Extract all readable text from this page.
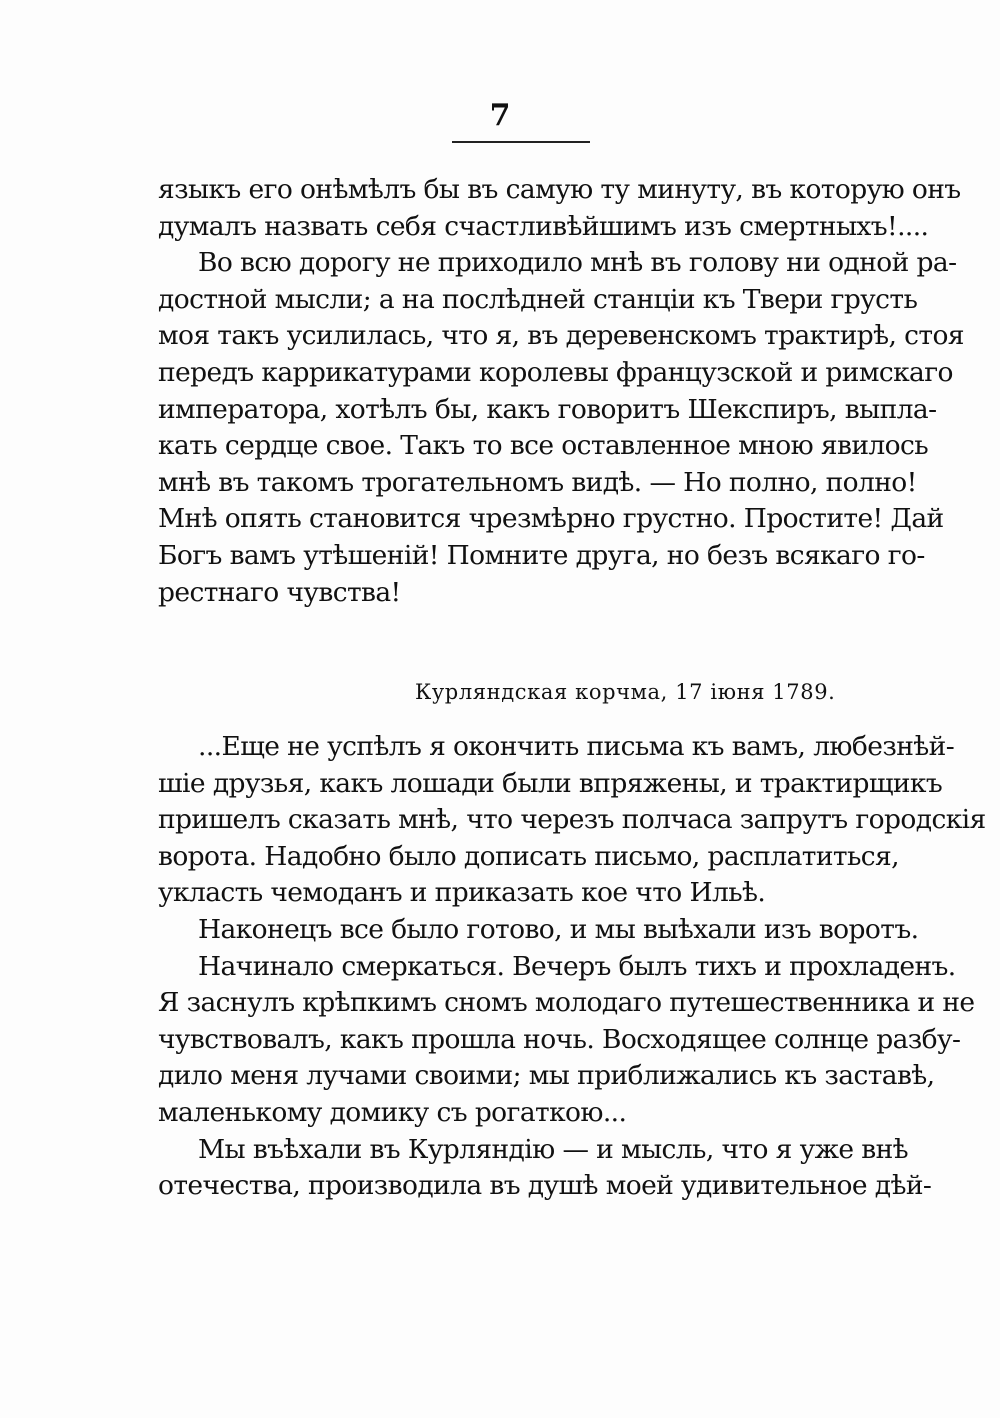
7
языкъ его онѣмѣлъ бы въ самую ту минуту, въ которую онъ
думалъ назвать себя счастливѣйшимъ изъ смертныхъ!....
Во всю дорогу не приходило мнѣ въ голову ни одной ра-
достной мысли; а на послѣдней станціи къ Твери грусть
моя такъ усилилась, что я, въ деревенскомъ трактирѣ, стоя
передъ каррикатурами королевы французской и римскаго
императора, хотѣлъ бы, какъ говоритъ Шекспиръ, выпла-
кать сердце свое. Такъ то все оставленное мною явилось
мнѣ въ такомъ трогательномъ видѣ. — Но полно, полно!
Мнѣ опять становится чрезмѣрно грустно. Простите! Дай
Богъ вамъ утѣшеній! Помните друга, но безъ всякаго го-
рестнаго чувства!
Курляндская корчма, 17 іюня 1789.
...Еще не успѣлъ я окончить письма къ вамъ, любезнѣй-
шіе друзья, какъ лошади были впряжены, и трактирщикъ
пришелъ сказать мнѣ, что черезъ полчаса запрутъ городскія
ворота. Надобно было дописать письмо, расплатиться,
укласть чемоданъ и приказать кое что Ильѣ.
Наконецъ все было готово, и мы выѣхали изъ воротъ.
Начинало смеркаться. Вечеръ былъ тихъ и прохладенъ.
Я заснулъ крѣпкимъ сномъ молодаго путешественника и не
чувствовалъ, какъ прошла ночь. Восходящее солнце разбу-
дило меня лучами своими; мы приближались къ заставѣ,
маленькому домику съ рогаткою...
Мы въѣхали въ Курляндію — и мысль, что я уже внѣ
отечества, производила въ душѣ моей удивительное дѣй-
